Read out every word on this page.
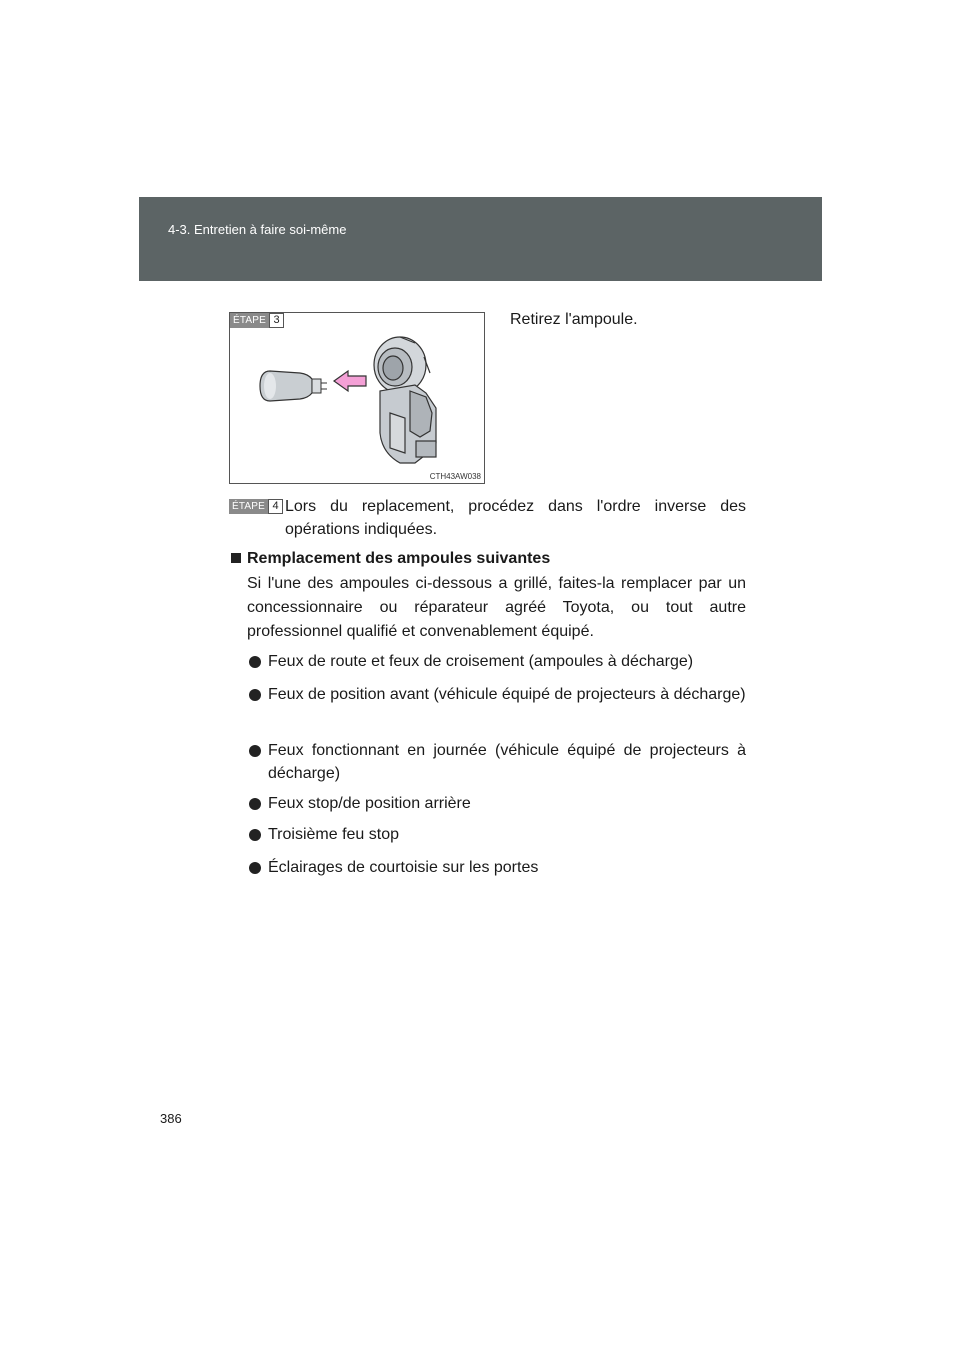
4-3. Entretien à faire soi-même
ÉTAPE 3
CTH43AW038
Retirez l'ampoule.
ÉTAPE 4 Lors du replacement, procédez dans l'ordre inverse des opérations indiquées.
Remplacement des ampoules suivantes
Si l'une des ampoules ci-dessous a grillé, faites-la remplacer par un concessionnaire ou réparateur agréé Toyota, ou tout autre professionnel qualifié et convenablement équipé.
Feux de route et feux de croisement (ampoules à décharge)
Feux de position avant (véhicule équipé de projecteurs à décharge)
Feux fonctionnant en journée (véhicule équipé de projecteurs à décharge)
Feux stop/de position arrière
Troisième feu stop
Éclairages de courtoisie sur les portes
386
